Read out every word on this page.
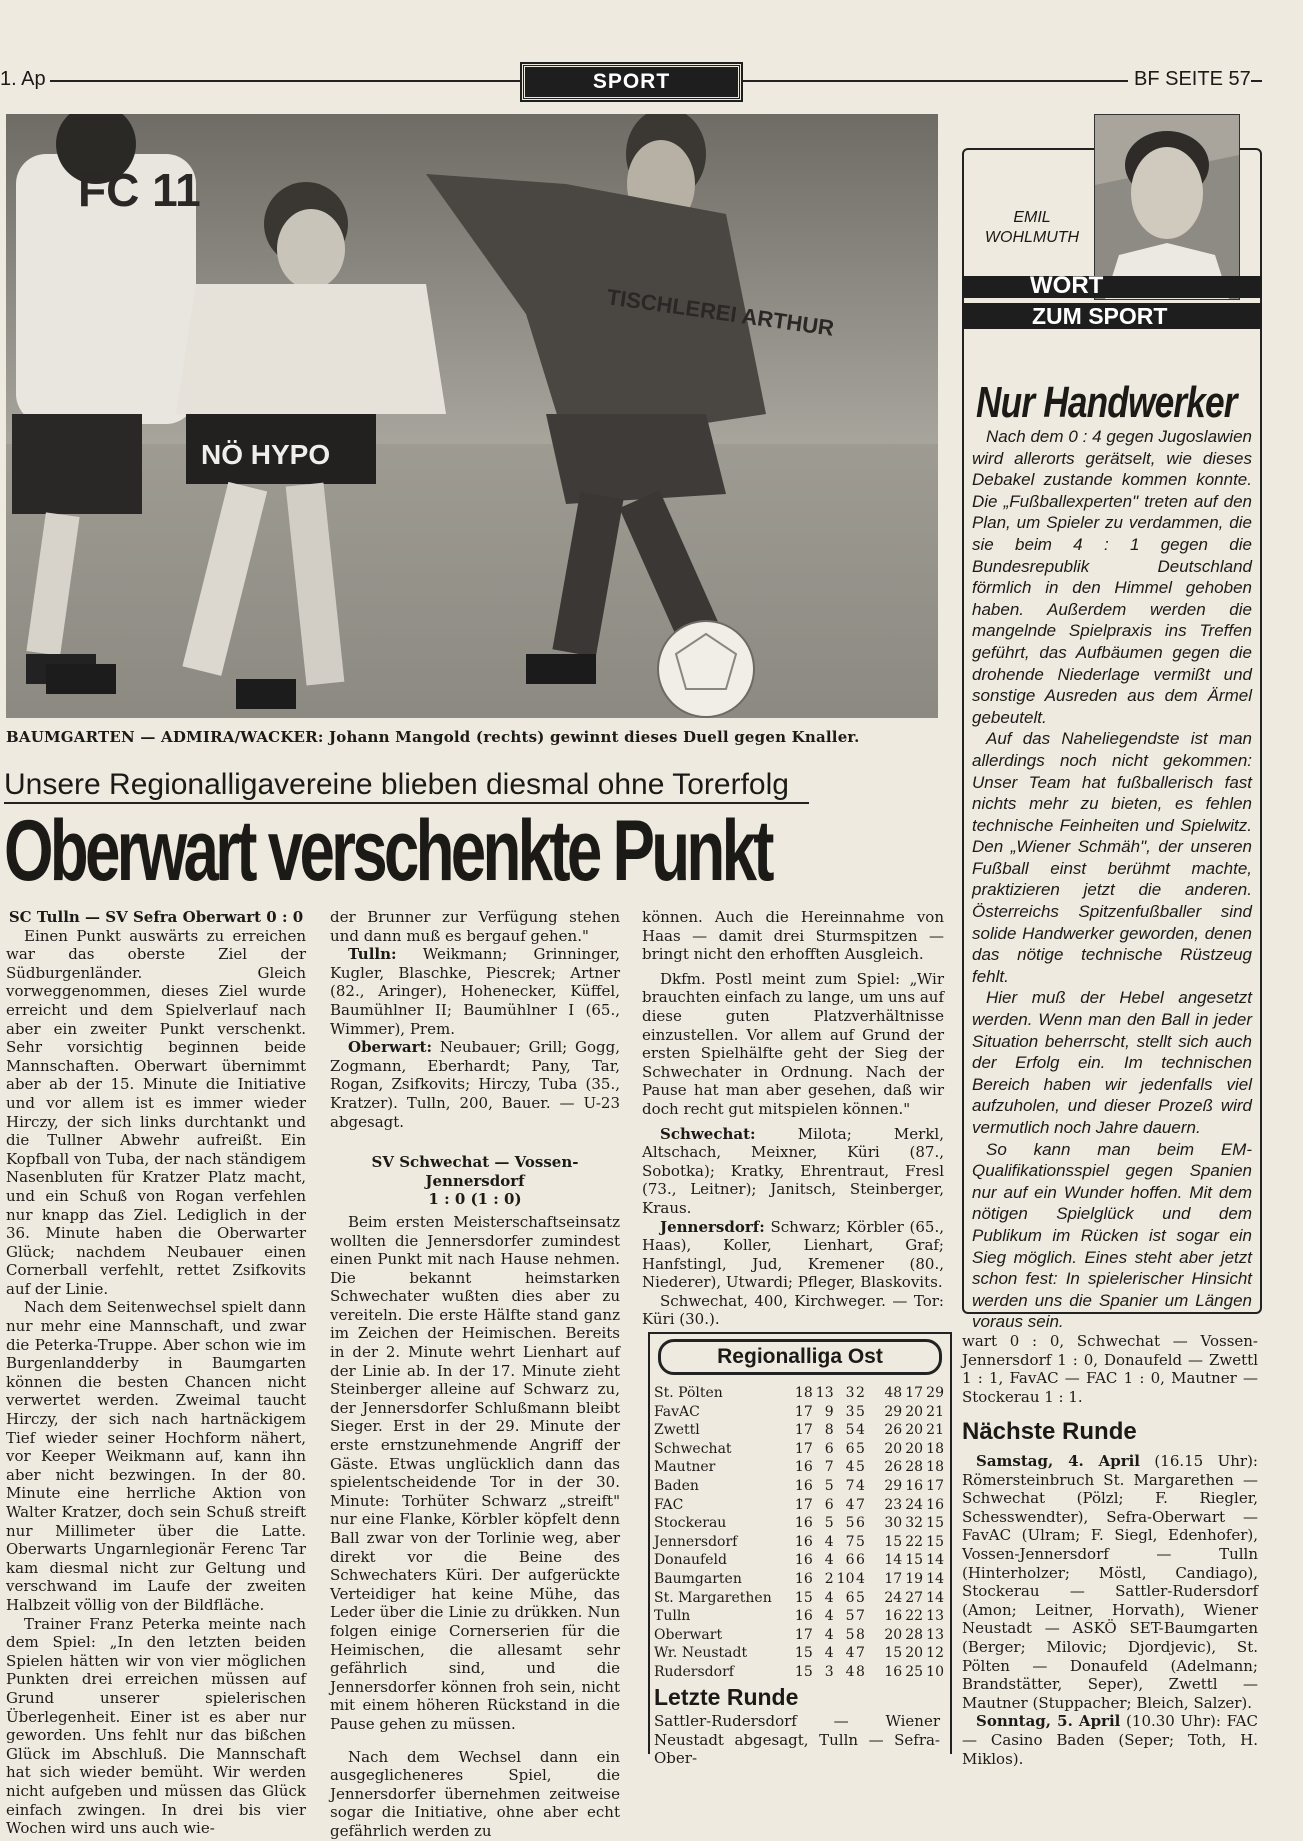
1. Ap	SPORT	BF SEITE 57
FC 11
NÖ HYPO
TISCHLEREI ARTHUR
BAUMGARTEN — ADMIRA/WACKER: Johann Mangold (rechts) gewinnt dieses Duell gegen Knaller.
Unsere Regionalligavereine blieben diesmal ohne Torerfolg
Oberwart verschenkte Punkt
SC Tulln — SV Sefra Oberwart 0 : 0

Einen Punkt auswärts zu erreichen war das oberste Ziel der Südburgenländer. Gleich vorweggenommen, dieses Ziel wurde erreicht und dem Spielverlauf nach aber ein zweiter Punkt verschenkt. Sehr vorsichtig beginnen beide Mannschaften. Oberwart übernimmt aber ab der 15. Minute die Initiative und vor allem ist es immer wieder Hirczy, der sich links durchtankt und die Tullner Abwehr aufreißt. Ein Kopfball von Tuba, der nach ständigem Nasenbluten für Kratzer Platz macht, und ein Schuß von Rogan verfehlen nur knapp das Ziel. Lediglich in der 36. Minute haben die Oberwarter Glück; nachdem Neubauer einen Cornerball verfehlt, rettet Zsifkovits auf der Linie.

Nach dem Seitenwechsel spielt dann nur mehr eine Mannschaft, und zwar die Peterka-Truppe. Aber schon wie im Burgenlandderby in Baumgarten können die besten Chancen nicht verwertet werden. Zweimal taucht Hirczy, der sich nach hartnäckigem Tief wieder seiner Hochform nähert, vor Keeper Weikmann auf, kann ihn aber nicht bezwingen. In der 80. Minute eine herrliche Aktion von Walter Kratzer, doch sein Schuß streift nur Millimeter über die Latte. Oberwarts Ungarnlegionär Ferenc Tar kam diesmal nicht zur Geltung und verschwand im Laufe der zweiten Halbzeit völlig von der Bildfläche.

Trainer Franz Peterka meinte nach dem Spiel: „In den letzten beiden Spielen hätten wir von vier möglichen Punkten drei erreichen müssen auf Grund unserer spielerischen Überlegenheit. Einer ist es aber nur geworden. Uns fehlt nur das bißchen Glück im Abschluß. Die Mannschaft hat sich wieder bemüht. Wir werden nicht aufgeben und müssen das Glück einfach zwingen. In drei bis vier Wochen wird uns auch wie-

der Brunner zur Verfügung stehen und dann muß es bergauf gehen."

Tulln: Weikmann; Grinninger, Kugler, Blaschke, Piescrek; Artner (82., Aringer), Hohenecker, Küffel, Baumühlner II; Baumühlner I (65., Wimmer), Prem.

Oberwart: Neubauer; Grill; Gogg, Zogmann, Eberhardt; Pany, Tar, Rogan, Zsifkovits; Hirczy, Tuba (35., Kratzer). Tulln, 200, Bauer. — U-23 abgesagt.

SV Schwechat — Vossen-Jennersdorf
1 : 0 (1 : 0)

Beim ersten Meisterschaftseinsatz wollten die Jennersdorfer zumindest einen Punkt mit nach Hause nehmen. Die bekannt heimstarken Schwechater wußten dies aber zu vereiteln. Die erste Hälfte stand ganz im Zeichen der Heimischen. Bereits in der 2. Minute wehrt Lienhart auf der Linie ab. In der 17. Minute zieht Steinberger alleine auf Schwarz zu, der Jennersdorfer Schlußmann bleibt Sieger. Erst in der 29. Minute der erste ernstzunehmende Angriff der Gäste. Etwas unglücklich dann das spielentscheidende Tor in der 30. Minute: Torhüter Schwarz „streift" nur eine Flanke, Körbler köpfelt denn Ball zwar von der Torlinie weg, aber direkt vor die Beine des Schwechaters Küri. Der aufgerückte Verteidiger hat keine Mühe, das Leder über die Linie zu drükken. Nun folgen einige Cornerserien für die Heimischen, die allesamt sehr gefährlich sind, und die Jennersdorfer können froh sein, nicht mit einem höheren Rückstand in die Pause gehen zu müssen.

Nach dem Wechsel dann ein ausgeglicheneres Spiel, die Jennersdorfer übernehmen zeitweise sogar die Initiative, ohne aber echt gefährlich werden zu

können. Auch die Hereinnahme von Haas — damit drei Sturmspitzen — bringt nicht den erhofften Ausgleich.

Dkfm. Postl meint zum Spiel: „Wir brauchten einfach zu lange, um uns auf diese guten Platzverhältnisse einzustellen. Vor allem auf Grund der ersten Spielhälfte geht der Sieg der Schwechater in Ordnung. Nach der Pause hat man aber gesehen, daß wir doch recht gut mitspielen können."

Schwechat:	Milota; Merkl, Altschach, Meixner, Küri (87., Sobotka); Kratky, Ehrentraut, Fresl (73., Leitner); Janitsch, Steinberger, Kraus.

Jennersdorf: Schwarz; Körbler (65., Haas), Koller, Lienhart, Graf; Hanfstingl, Jud, Kremener (80., Niederer), Utwardi; Pfleger, Blaskovits.

Schwechat, 400, Kirchweger. — Tor: Küri (30.).

EMIL
WOHLMUTH
WORT
ZUM SPORT
Nur Handwerker

Nach dem 0 : 4 gegen Jugoslawien wird allerorts gerätselt, wie dieses Debakel zustande kommen konnte. Die „Fußballexperten" treten auf den Plan, um Spieler zu verdammen, die sie beim 4 : 1 gegen die Bundesrepublik Deutschland förmlich in den Himmel gehoben haben. Außerdem werden die mangelnde Spielpraxis ins Treffen geführt, das Aufbäumen gegen die drohende Niederlage vermißt und sonstige Ausreden aus dem Ärmel gebeutelt.

Auf das Naheliegendste ist man allerdings noch nicht gekommen: Unser Team hat fußballerisch fast nichts mehr zu bieten, es fehlen technische Feinheiten und Spielwitz. Den „Wiener Schmäh", der unseren Fußball einst berühmt machte, praktizieren jetzt die anderen. Österreichs Spitzenfußballer sind solide Handwerker geworden, denen das nötige technische Rüstzeug fehlt.

Hier muß der Hebel angesetzt werden. Wenn man den Ball in jeder Situation beherrscht, stellt sich auch der Erfolg ein. Im technischen Bereich haben wir jedenfalls viel aufzuholen, und dieser Prozeß wird vermutlich noch Jahre dauern.

So kann man beim EM-Qualifikationsspiel gegen Spanien nur auf ein Wunder hoffen. Mit dem nötigen Spielglück und dem Publikum im Rücken ist sogar ein Sieg möglich. Eines steht aber jetzt schon fest: In spielerischer Hinsicht werden uns die Spanier um Längen voraus sein.

Regionalliga Ost
St. Pölten	18	13	3	2	48	17	29
FavAC	17	9	3	5	29	20	21
Zwettl	17	8	5	4	26	20	21
Schwechat	17	6	6	5	20	20	18
Mautner	16	7	4	5	26	28	18
Baden	16	5	7	4	29	16	17
FAC	17	6	4	7	23	24	16
Stockerau	16	5	5	6	30	32	15
Jennersdorf	16	4	7	5	15	22	15
Donaufeld	16	4	6	6	14	15	14
Baumgarten	16	2	10	4	17	19	14
St. Margarethen	15	4	6	5	24	27	14
Tulln	16	4	5	7	16	22	13
Oberwart	17	4	5	8	20	28	13
Wr. Neustadt	15	4	4	7	15	20	12
Rudersdorf	15	3	4	8	16	25	10
Letzte Runde
Sattler-Rudersdorf — Wiener Neustadt abgesagt, Tulln — Sefra-Ober-

wart 0 : 0, Schwechat — Vossen-Jennersdorf 1 : 0, Donaufeld — Zwettl 1 : 1, FavAC — FAC 1 : 0, Mautner — Stockerau 1 : 1.

Nächste Runde

Samstag, 4. April (16.15 Uhr): Römersteinbruch St. Margarethen — Schwechat (Pölzl; F. Riegler, Schesswendter), Sefra-Oberwart — FavAC (Ulram; F. Siegl, Edenhofer), Vossen-Jennersdorf — Tulln (Hinterholzer; Möstl, Candiago), Stockerau — Sattler-Rudersdorf (Amon; Leitner, Horvath), Wiener Neustadt — ASKÖ SET-Baumgarten (Berger; Milovic; Djordjevic), St. Pölten — Donaufeld (Adelmann; Brandstätter, Seper), Zwettl — Mautner (Stuppacher; Bleich, Salzer).

Sonntag, 5. April (10.30 Uhr): FAC — Casino Baden (Seper; Toth, H. Miklos).
